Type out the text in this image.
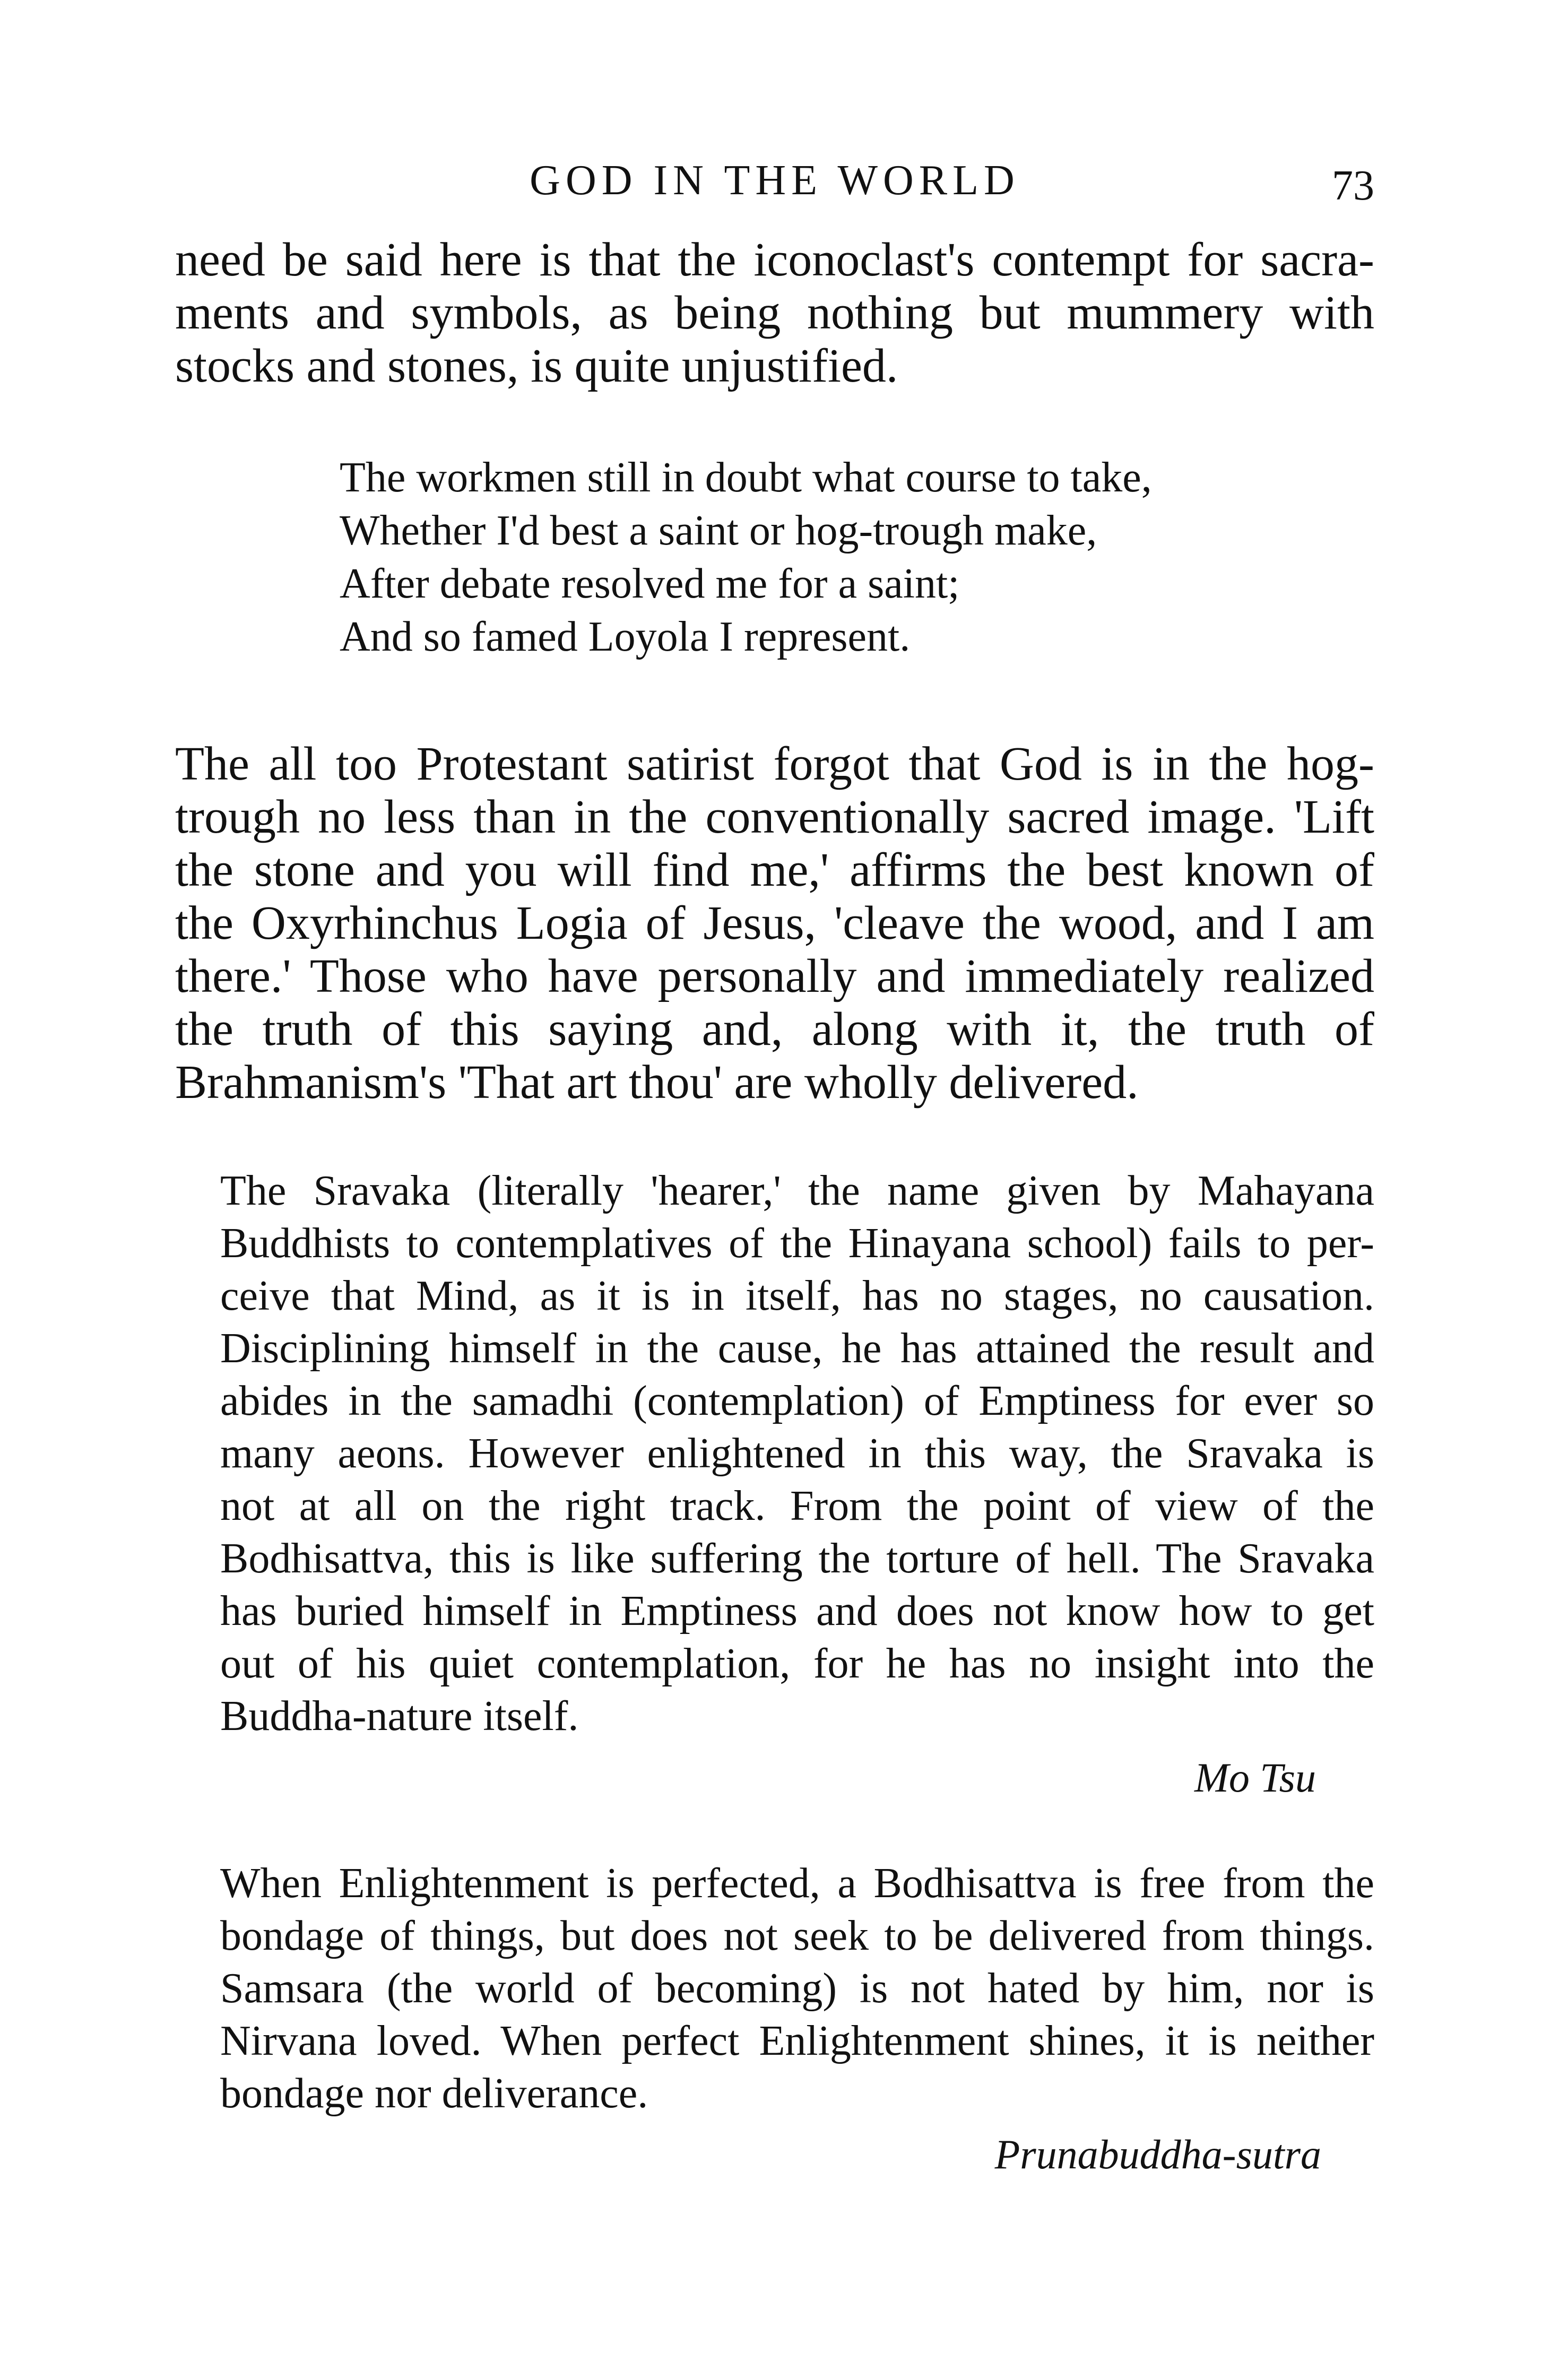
GOD IN THE WORLD	73
need be said here is that the iconoclast's contempt for sacra-
ments and symbols, as being nothing but mummery with
stocks and stones, is quite unjustified.
The workmen still in doubt what course to take,
Whether I'd best a saint or hog-trough make,
After debate resolved me for a saint;
And so famed Loyola I represent.
The all too Protestant satirist forgot that God is in the hog-
trough no less than in the conventionally sacred image. 'Lift
the stone and you will find me,' affirms the best known of
the Oxyrhinchus Logia of Jesus, 'cleave the wood, and I am
there.' Those who have personally and immediately realized
the truth of this saying and, along with it, the truth of
Brahmanism's 'That art thou' are wholly delivered.
The Sravaka (literally 'hearer,' the name given by Mahayana
Buddhists to contemplatives of the Hinayana school) fails to per-
ceive that Mind, as it is in itself, has no stages, no causation.
Disciplining himself in the cause, he has attained the result and
abides in the samadhi (contemplation) of Emptiness for ever so
many aeons. However enlightened in this way, the Sravaka is
not at all on the right track. From the point of view of the
Bodhisattva, this is like suffering the torture of hell. The Sravaka
has buried himself in Emptiness and does not know how to get
out of his quiet contemplation, for he has no insight into the
Buddha-nature itself.
Mo Tsu
When Enlightenment is perfected, a Bodhisattva is free from the
bondage of things, but does not seek to be delivered from things.
Samsara (the world of becoming) is not hated by him, nor is
Nirvana loved. When perfect Enlightenment shines, it is neither
bondage nor deliverance.
Prunabuddha-sutra
